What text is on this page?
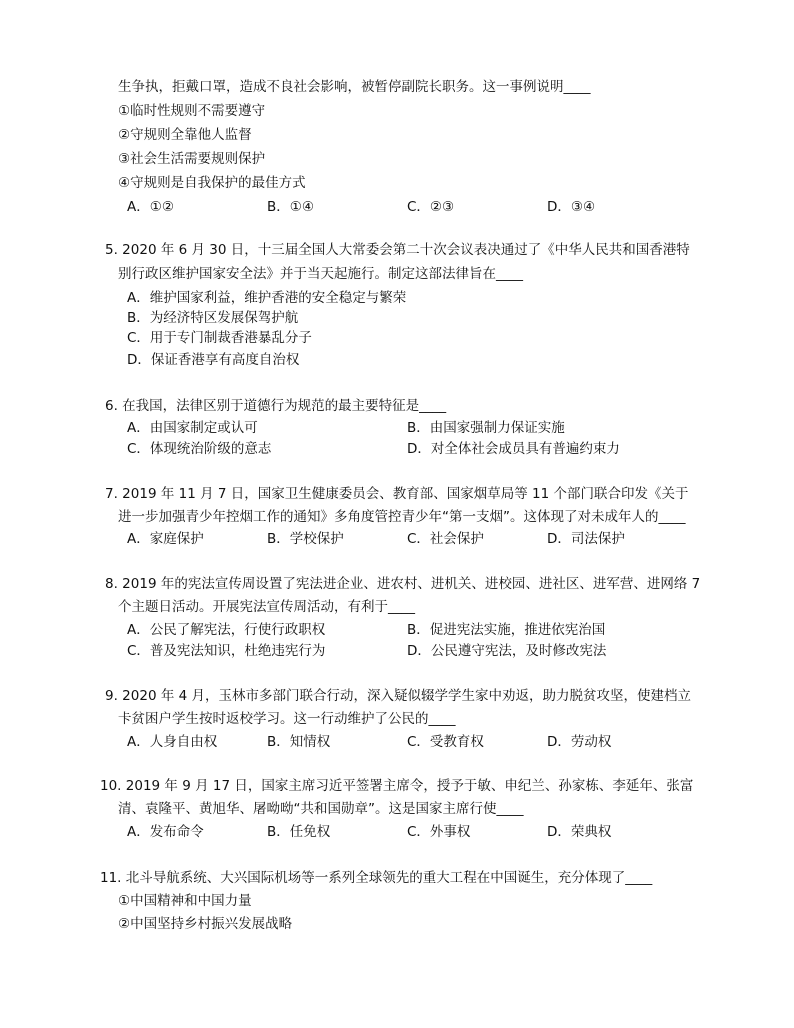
生争执，拒戴口罩，造成不良社会影响，被暂停副院长职务。这一事例说明____
①临时性规则不需要遵守
②守规则全靠他人监督
③社会生活需要规则保护
④守规则是自我保护的最佳方式
A．①②	B．①④	C．②③	D．③④
5. 2020 年 6 月 30 日，十三届全国人大常委会第二十次会议表决通过了《中华人民共和国香港特
别行政区维护国家安全法》并于当天起施行。制定这部法律旨在____
A．维护国家利益，维护香港的安全稳定与繁荣
B．为经济特区发展保驾护航
C．用于专门制裁香港暴乱分子
D．保证香港享有高度自治权
6. 在我国，法律区别于道德行为规范的最主要特征是____
A．由国家制定或认可	B．由国家强制力保证实施
C．体现统治阶级的意志	D．对全体社会成员具有普遍约束力
7. 2019 年 11 月 7 日，国家卫生健康委员会、教育部、国家烟草局等 11 个部门联合印发《关于
进一步加强青少年控烟工作的通知》多角度管控青少年“第一支烟”。这体现了对未成年人的____
A．家庭保护	B．学校保护	C．社会保护	D．司法保护
8. 2019 年的宪法宣传周设置了宪法进企业、进农村、进机关、进校园、进社区、进军营、进网络 7
个主题日活动。开展宪法宣传周活动，有利于____
A．公民了解宪法，行使行政职权	B．促进宪法实施，推进依宪治国
C．普及宪法知识，杜绝违宪行为	D．公民遵守宪法，及时修改宪法
9. 2020 年 4 月，玉林市多部门联合行动，深入疑似辍学学生家中劝返，助力脱贫攻坚，使建档立
卡贫困户学生按时返校学习。这一行动维护了公民的____
A．人身自由权	B．知情权	C．受教育权	D．劳动权
10. 2019 年 9 月 17 日，国家主席习近平签署主席令，授予于敏、申纪兰、孙家栋、李延年、张富
清、袁隆平、黄旭华、屠呦呦“共和国勋章”。这是国家主席行使____
A．发布命令	B．任免权	C．外事权	D．荣典权
11. 北斗导航系统、大兴国际机场等一系列全球领先的重大工程在中国诞生，充分体现了____
①中国精神和中国力量
②中国坚持乡村振兴发展战略
